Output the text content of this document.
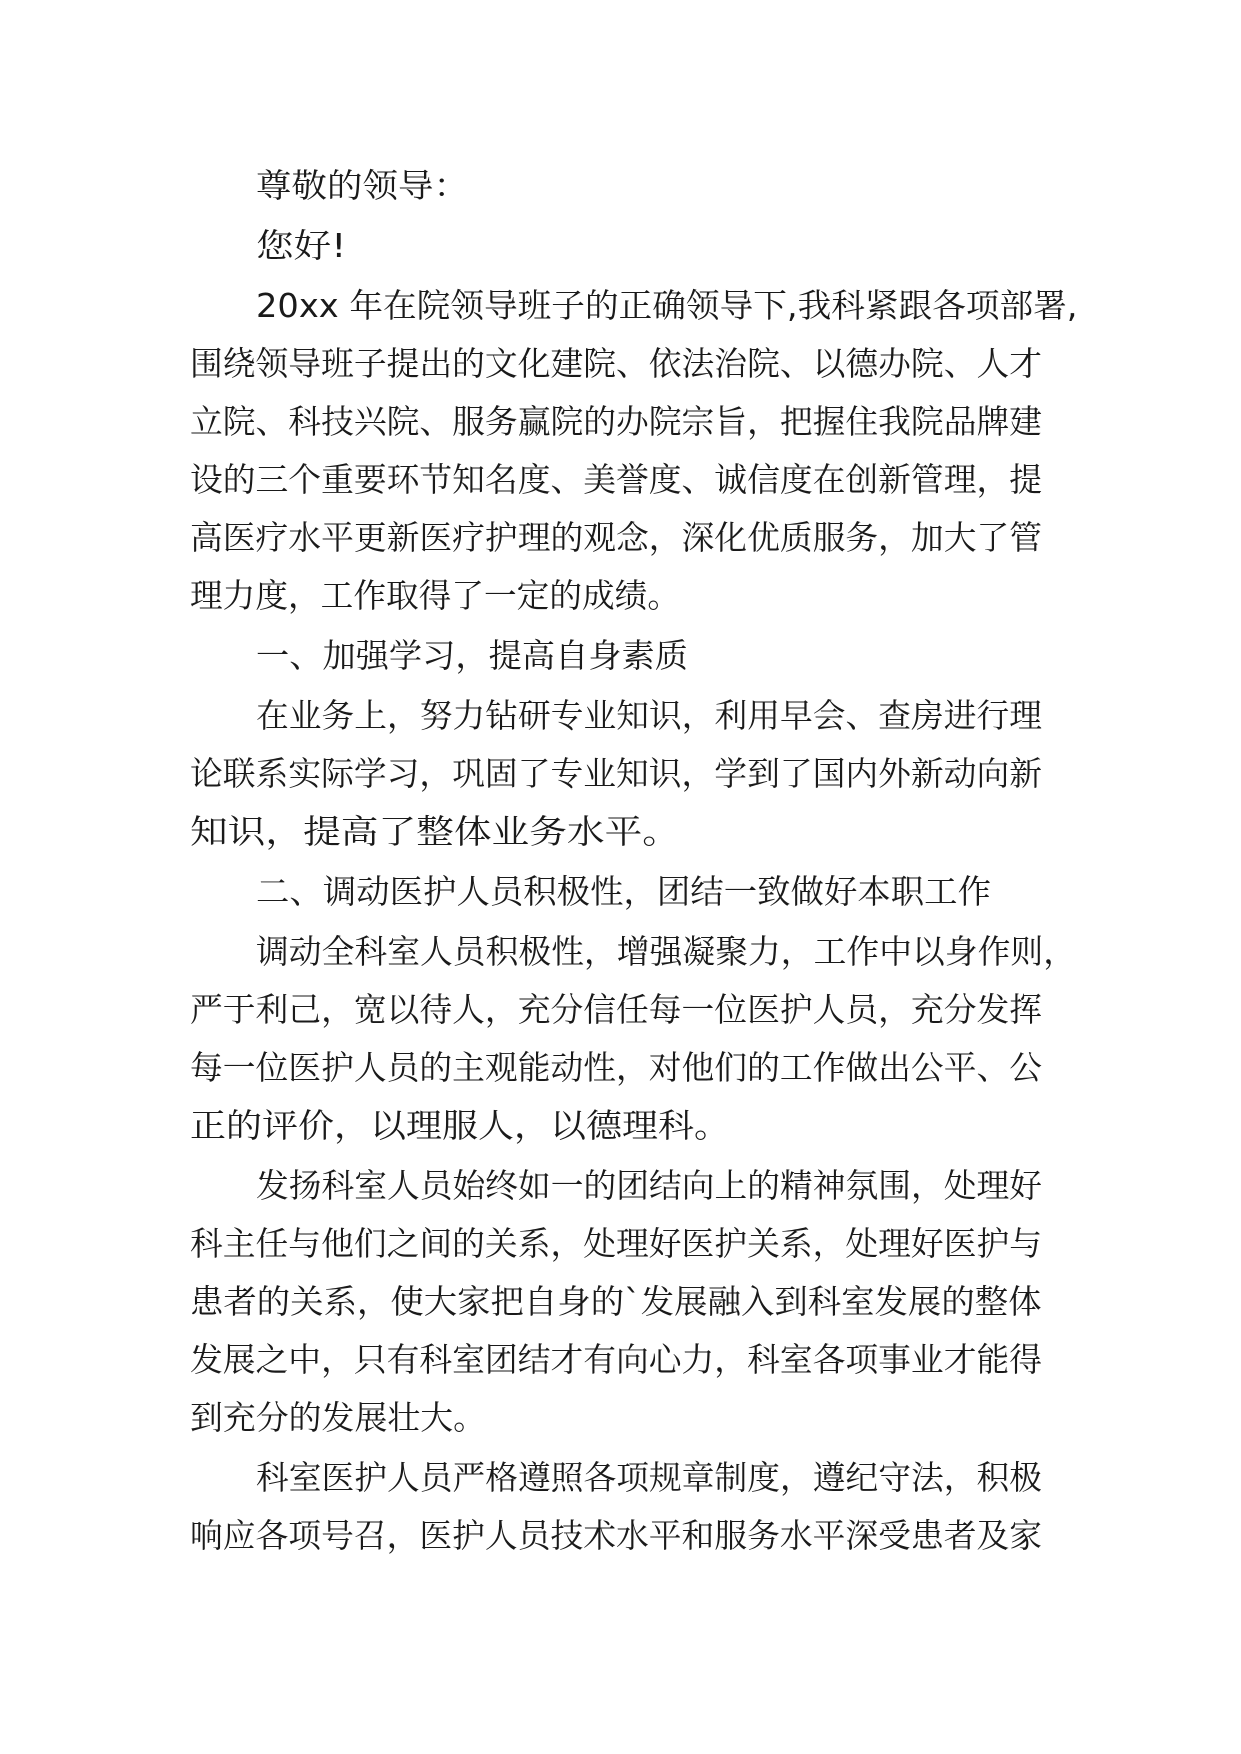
尊敬的领导：
您好!
20xx 年在院领导班子的正确领导下,我科紧跟各项部署,
围绕领导班子提出的文化建院、依法治院、以德办院、人才
立院、科技兴院、服务赢院的办院宗旨，把握住我院品牌建
设的三个重要环节知名度、美誉度、诚信度在创新管理，提
高医疗水平更新医疗护理的观念，深化优质服务，加大了管
理力度，工作取得了一定的成绩。
一、加强学习，提高自身素质
在业务上，努力钻研专业知识，利用早会、查房进行理
论联系实际学习，巩固了专业知识，学到了国内外新动向新
知识，提高了整体业务水平。
二、调动医护人员积极性，团结一致做好本职工作
调动全科室人员积极性，增强凝聚力，工作中以身作则，
严于利己，宽以待人，充分信任每一位医护人员，充分发挥
每一位医护人员的主观能动性，对他们的工作做出公平、公
正的评价，以理服人，以德理科。
发扬科室人员始终如一的团结向上的精神氛围，处理好
科主任与他们之间的关系，处理好医护关系，处理好医护与
患者的关系，使大家把自身的`发展融入到科室发展的整体
发展之中，只有科室团结才有向心力，科室各项事业才能得
到充分的发展壮大。
科室医护人员严格遵照各项规章制度，遵纪守法，积极
响应各项号召，医护人员技术水平和服务水平深受患者及家
